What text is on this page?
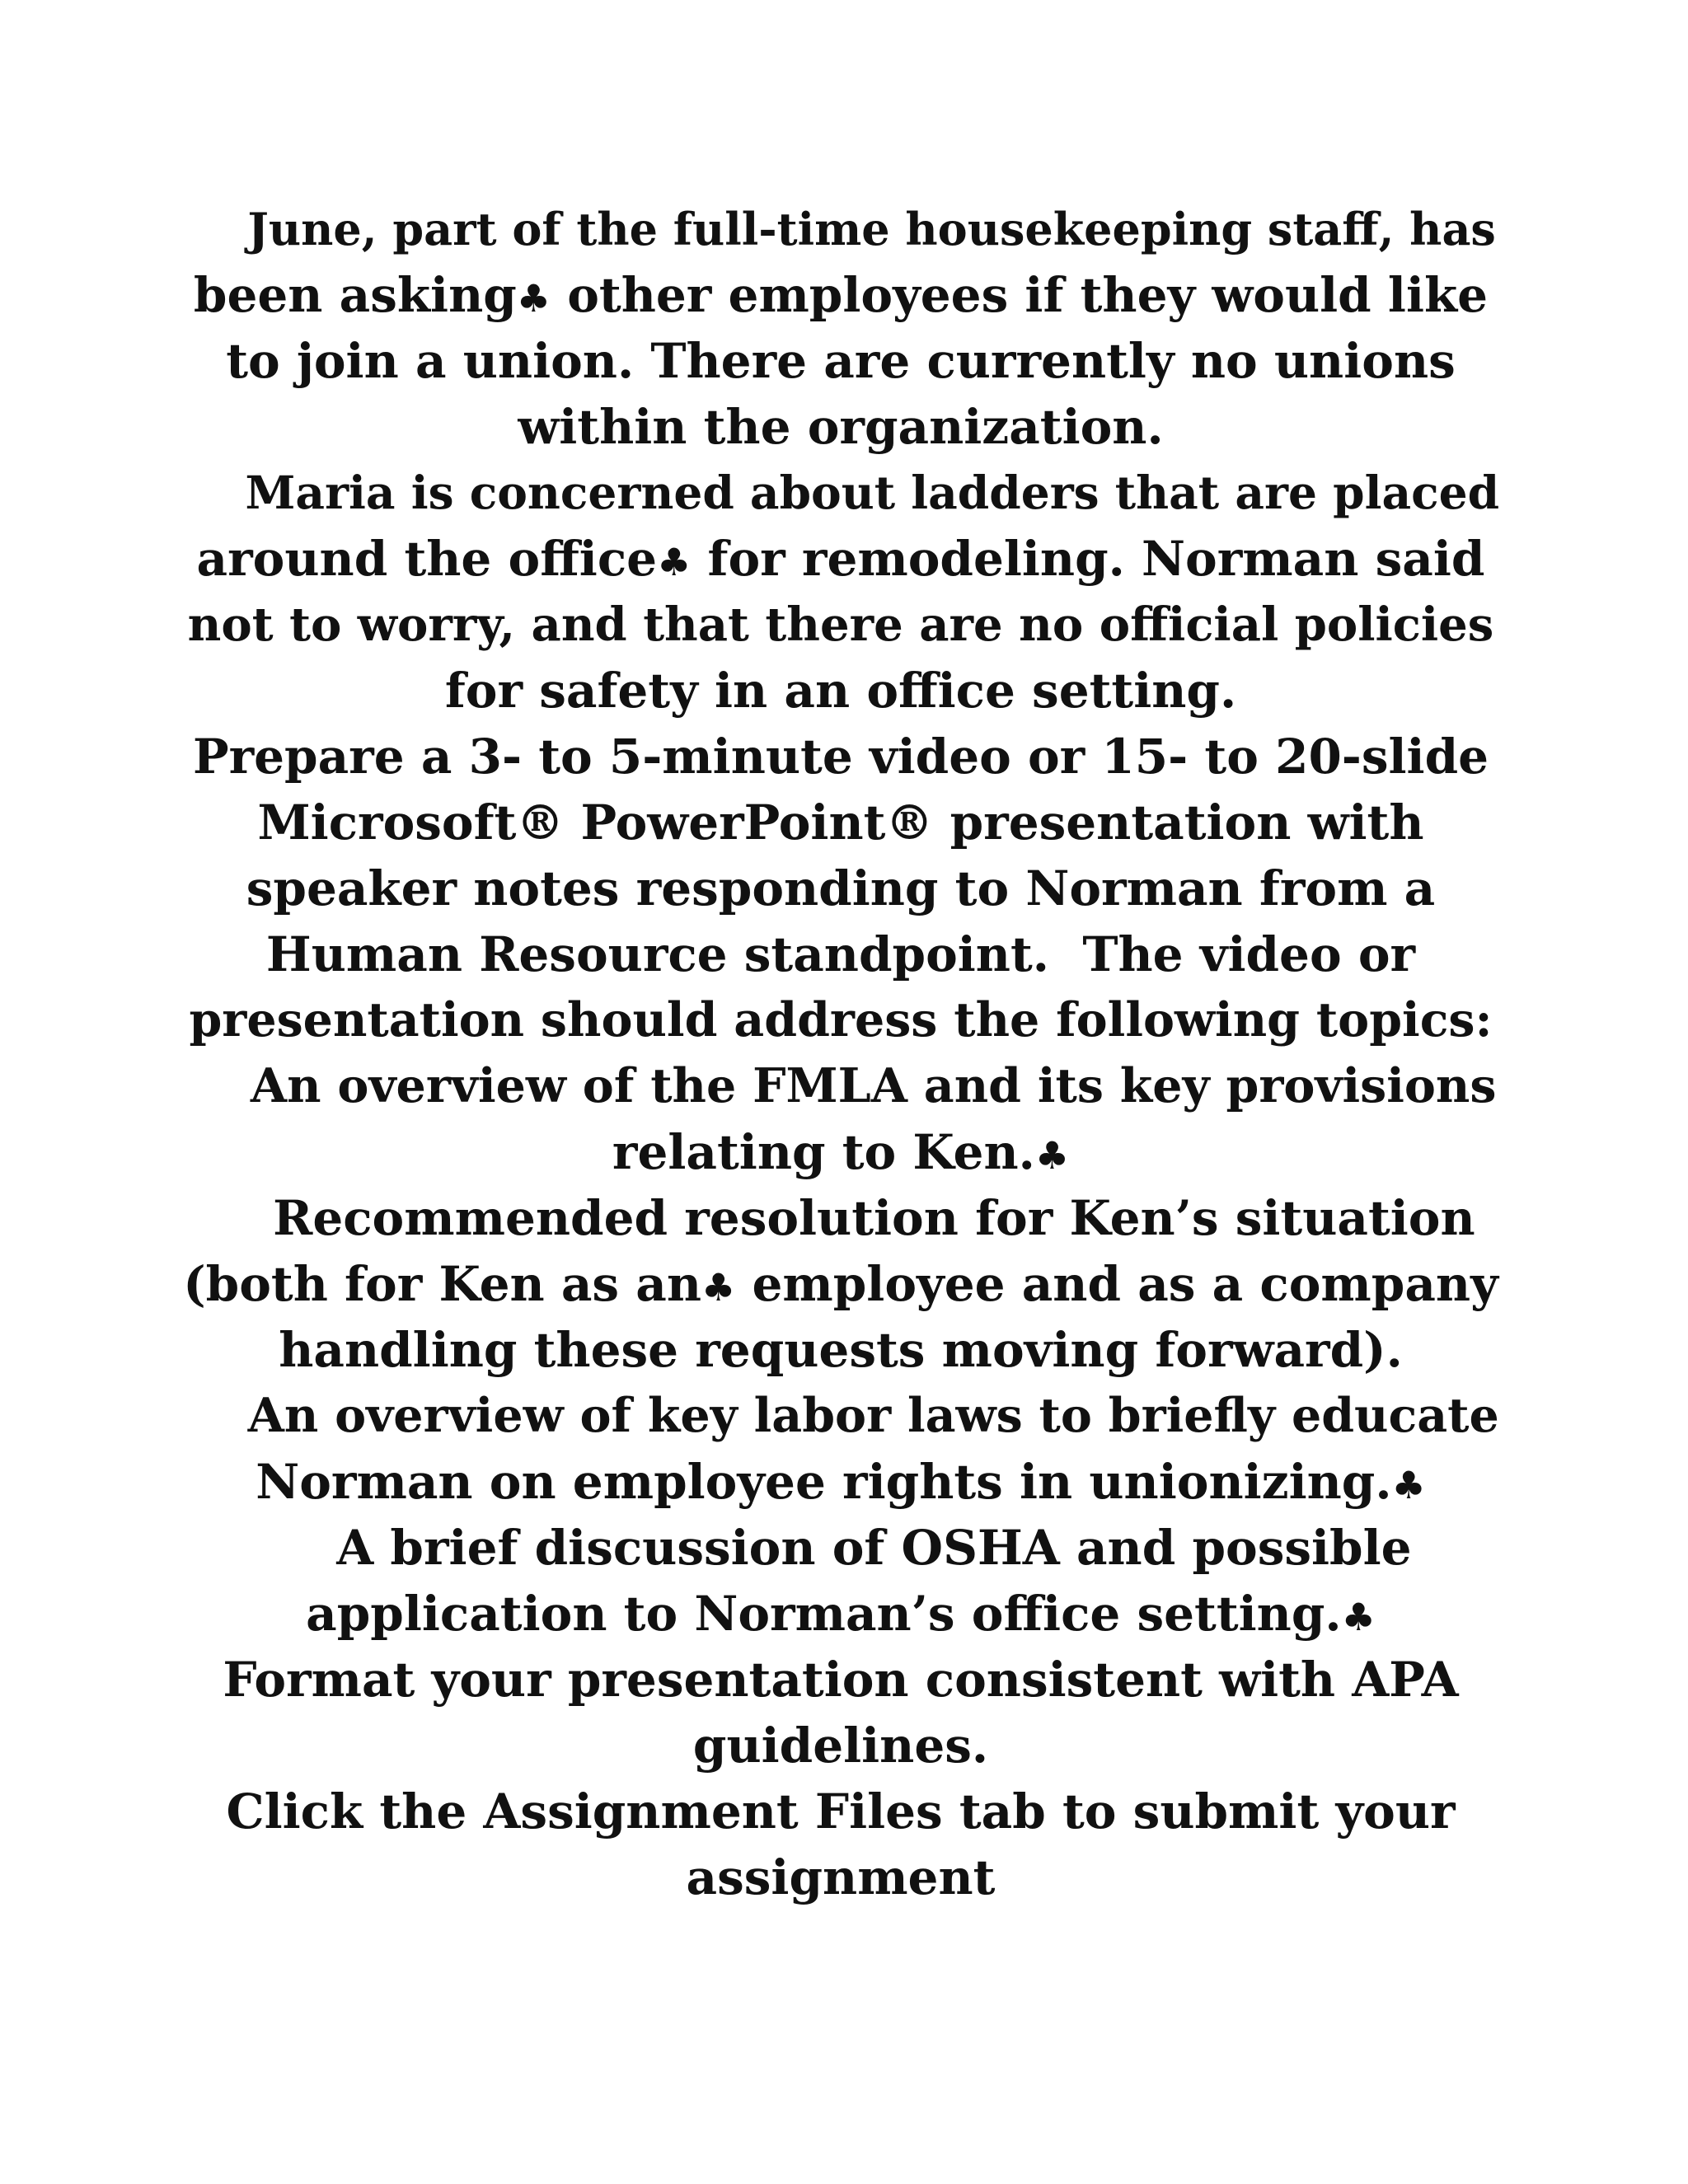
June, part of the full-time housekeeping staff, has
been asking♣ other employees if they would like
to join a union. There are currently no unions
within the organization.
Maria is concerned about ladders that are placed
around the office♣ for remodeling. Norman said
not to worry, and that there are no official policies
for safety in an office setting.
Prepare a 3- to 5-minute video or 15- to 20-slide
Microsoft® PowerPoint® presentation with
speaker notes responding to Norman from a
Human Resource standpoint.  The video or
presentation should address the following topics:
An overview of the FMLA and its key provisions
relating to Ken.♣
Recommended resolution for Ken’s situation
(both for Ken as an♣ employee and as a company
handling these requests moving forward).
An overview of key labor laws to briefly educate
Norman on employee rights in unionizing.♣
A brief discussion of OSHA and possible
application to Norman’s office setting.♣
Format your presentation consistent with APA
guidelines.
Click the Assignment Files tab to submit your
assignment
